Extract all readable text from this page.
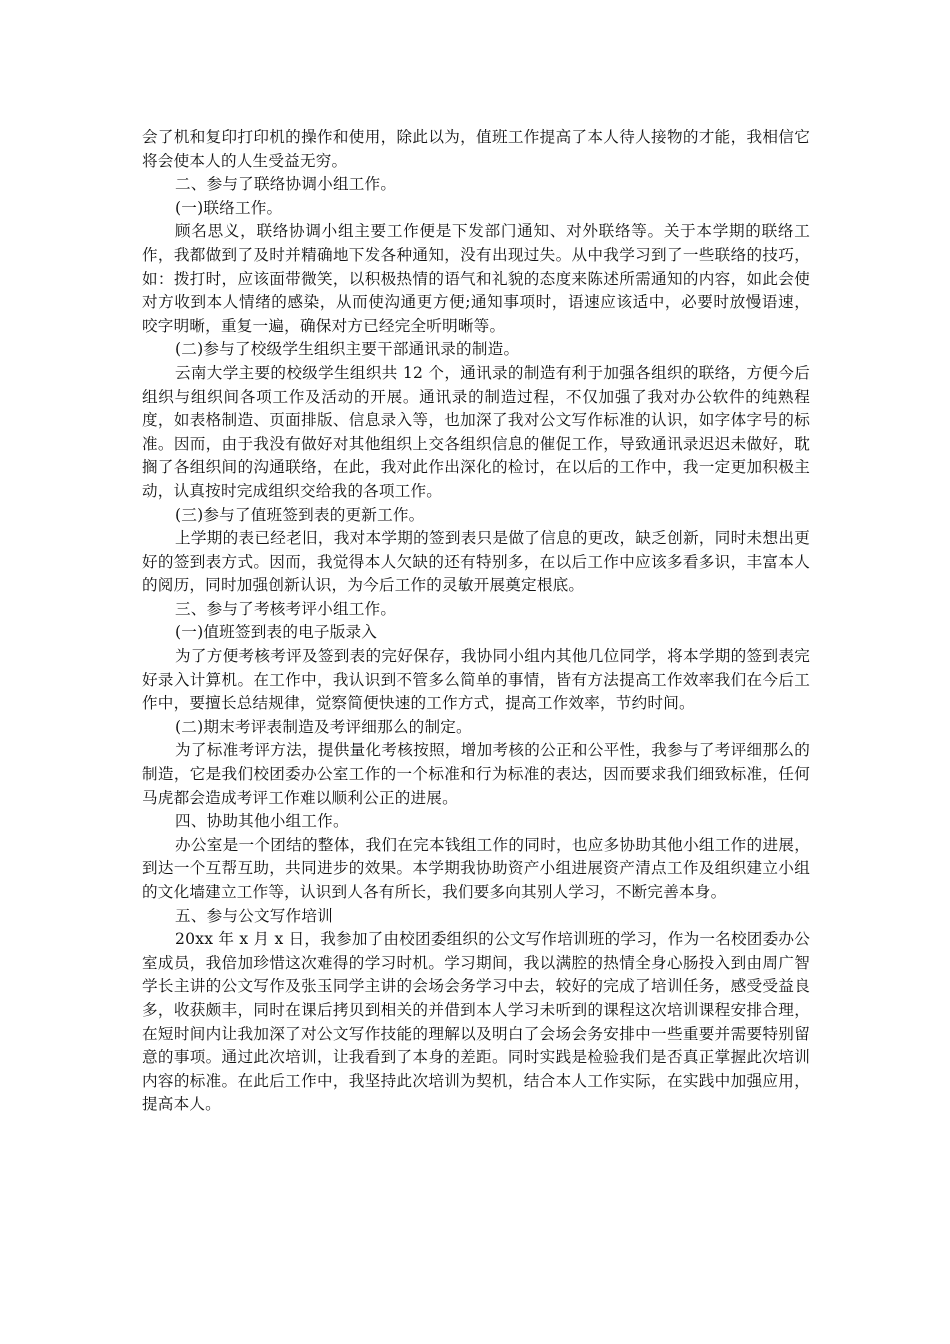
会了机和复印打印机的操作和使用，除此以为，值班工作提高了本人待人接物的才能，我相信它将会使本人的人生受益无穷。

二、参与了联络协调小组工作。

(一)联络工作。

顾名思义，联络协调小组主要工作便是下发部门通知、对外联络等。关于本学期的联络工作，我都做到了及时并精确地下发各种通知，没有出现过失。从中我学习到了一些联络的技巧，如：拨打时，应该面带微笑，以积极热情的语气和礼貌的态度来陈述所需通知的内容，如此会使对方收到本人情绪的感染，从而使沟通更方便;通知事项时，语速应该适中，必要时放慢语速，咬字明晰，重复一遍，确保对方已经完全听明晰等。

(二)参与了校级学生组织主要干部通讯录的制造。

云南大学主要的校级学生组织共 12 个，通讯录的制造有利于加强各组织的联络，方便今后组织与组织间各项工作及活动的开展。通讯录的制造过程，不仅加强了我对办公软件的纯熟程度，如表格制造、页面排版、信息录入等，也加深了我对公文写作标准的认识，如字体字号的标准。因而，由于我没有做好对其他组织上交各组织信息的催促工作，导致通讯录迟迟未做好，耽搁了各组织间的沟通联络，在此，我对此作出深化的检讨，在以后的工作中，我一定更加积极主动，认真按时完成组织交给我的各项工作。

(三)参与了值班签到表的更新工作。

上学期的表已经老旧，我对本学期的签到表只是做了信息的更改，缺乏创新，同时未想出更好的签到表方式。因而，我觉得本人欠缺的还有特别多，在以后工作中应该多看多识，丰富本人的阅历，同时加强创新认识，为今后工作的灵敏开展奠定根底。

三、参与了考核考评小组工作。

(一)值班签到表的电子版录入

为了方便考核考评及签到表的完好保存，我协同小组内其他几位同学，将本学期的签到表完好录入计算机。在工作中，我认识到不管多么简单的事情，皆有方法提高工作效率我们在今后工作中，要擅长总结规律，觉察简便快速的工作方式，提高工作效率，节约时间。

(二)期末考评表制造及考评细那么的制定。

为了标准考评方法，提供量化考核按照，增加考核的公正和公平性，我参与了考评细那么的制造，它是我们校团委办公室工作的一个标准和行为标准的表达，因而要求我们细致标准，任何马虎都会造成考评工作难以顺利公正的进展。

四、协助其他小组工作。

办公室是一个团结的整体，我们在完本钱组工作的同时，也应多协助其他小组工作的进展，到达一个互帮互助，共同进步的效果。本学期我协助资产小组进展资产清点工作及组织建立小组的文化墙建立工作等，认识到人各有所长，我们要多向其别人学习，不断完善本身。

五、参与公文写作培训

20xx 年 x 月 x 日，我参加了由校团委组织的公文写作培训班的学习，作为一名校团委办公室成员，我倍加珍惜这次难得的学习时机。学习期间，我以满腔的热情全身心肠投入到由周广智学长主讲的公文写作及张玉同学主讲的会场会务学习中去，较好的完成了培训任务，感受受益良多，收获颇丰，同时在课后拷贝到相关的并借到本人学习未听到的课程这次培训课程安排合理，在短时间内让我加深了对公文写作技能的理解以及明白了会场会务安排中一些重要并需要特别留意的事项。通过此次培训，让我看到了本身的差距。同时实践是检验我们是否真正掌握此次培训内容的标准。在此后工作中，我坚持此次培训为契机，结合本人工作实际，在实践中加强应用，提高本人。
